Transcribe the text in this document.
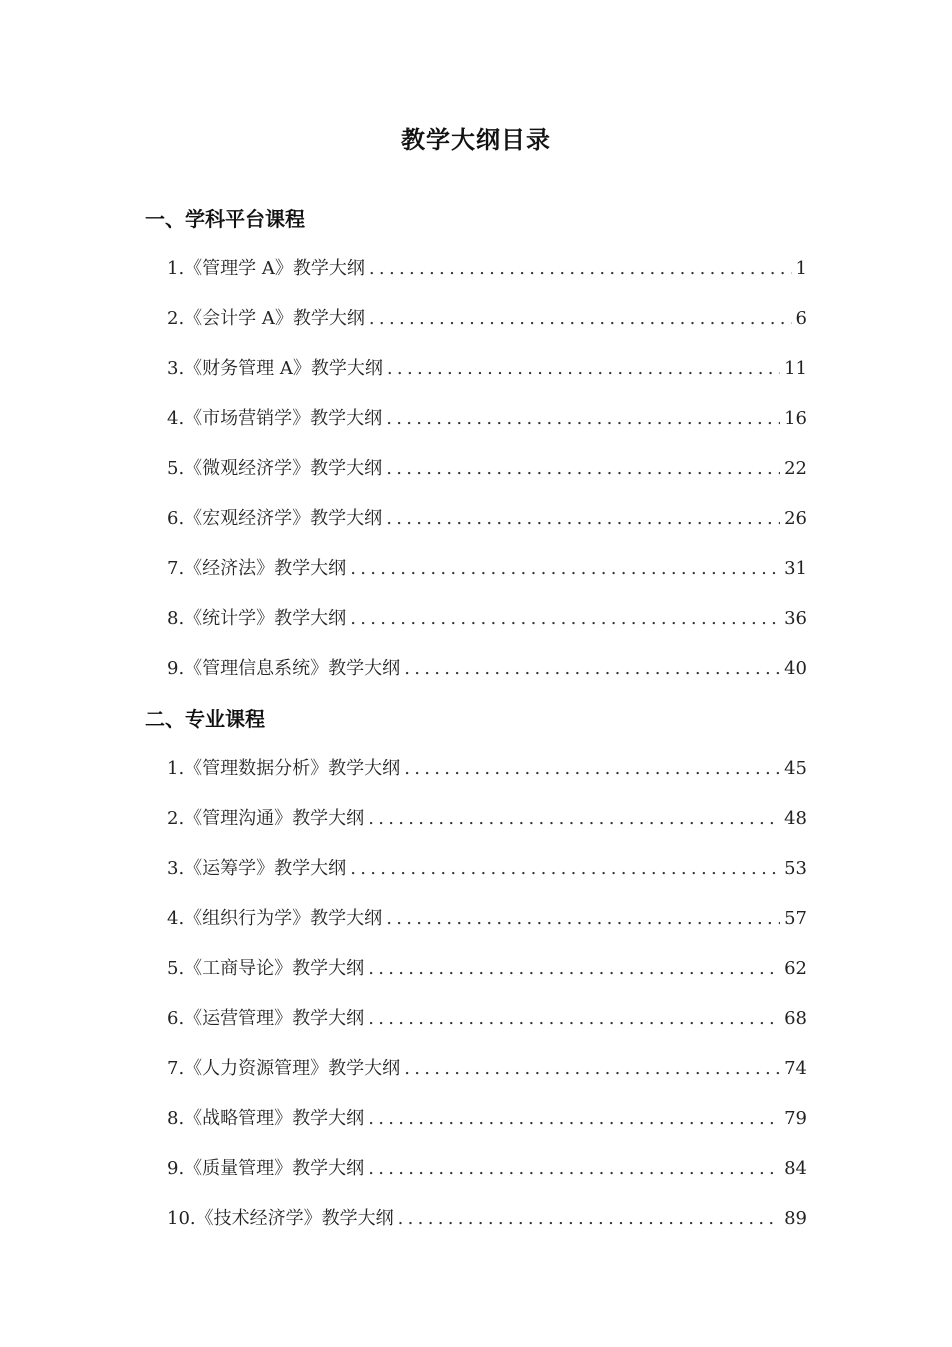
教学大纲目录
一、学科平台课程
1.《管理学 A》教学大纲 .....	1
2.《会计学 A》教学大纲 .....	6
3.《财务管理 A》教学大纲 .....	11
4.《市场营销学》教学大纲 .....	16
5.《微观经济学》教学大纲 .....	22
6.《宏观经济学》教学大纲 .....	26
7.《经济法》教学大纲 .....	31
8.《统计学》教学大纲 .....	36
9.《管理信息系统》教学大纲 .....	40
二、专业课程
1.《管理数据分析》教学大纲 .....	45
2.《管理沟通》教学大纲 .....	48
3.《运筹学》教学大纲 .....	53
4.《组织行为学》教学大纲 .....	57
5.《工商导论》教学大纲 .....	62
6.《运营管理》教学大纲 .....	68
7.《人力资源管理》教学大纲 .....	74
8.《战略管理》教学大纲 .....	79
9.《质量管理》教学大纲 .....	84
10.《技术经济学》教学大纲 .....	89
